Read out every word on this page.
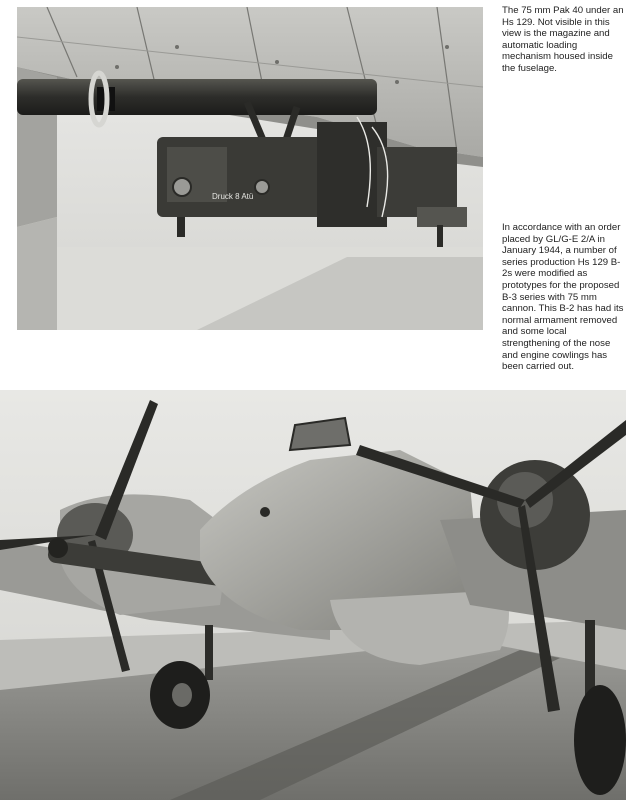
Druck 8 Atü

The 75 mm Pak 40 under an Hs 129. Not visible in this view is the magazine and automatic loading mechanism housed inside the fuselage.

In accordance with an order placed by GL/G-E 2/A in January 1944, a number of series production Hs 129 B-2s were modified as prototypes for the proposed B-3 series with 75 mm cannon. This B-2 has had its normal armament removed and some local strengthening of the nose and engine cowlings has been carried out.
